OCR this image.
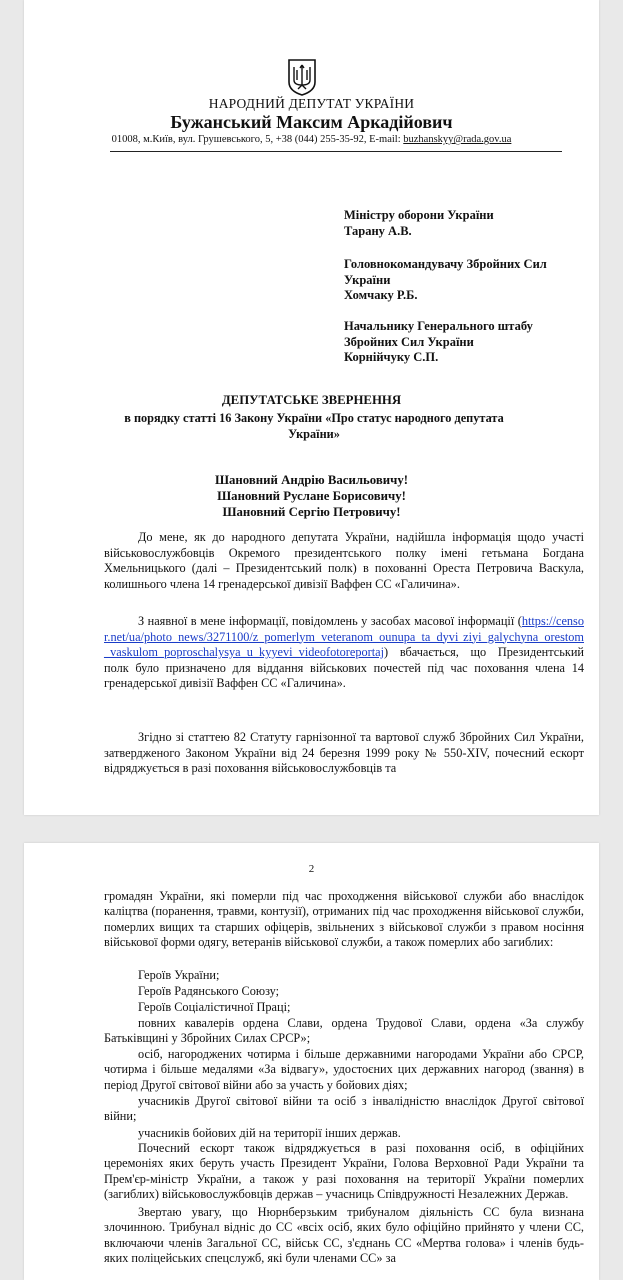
НАРОДНИЙ ДЕПУТАТ УКРАЇНИ
Бужанський Максим Аркадійович
01008, м.Київ, вул. Грушевського, 5, +38 (044) 255-35-92, E-mail: buzhanskyy@rada.gov.ua
Міністру оборони України
Тарану А.В.
Головнокомандувачу Збройних Сил
України
Хомчаку Р.Б.
Начальнику Генерального штабу
Збройних Сил України
Корнійчуку С.П.
ДЕПУТАТСЬКЕ ЗВЕРНЕННЯ
в порядку статті 16 Закону України «Про статус народного депутата
України»
Шановний Андрію Васильовичу!
Шановний Руслане Борисовичу!
Шановний Сергію Петровичу!
До мене, як до народного депутата України, надійшла інформація щодо участі військовослужбовців Окремого президентського полку імені гетьмана Богдана Хмельницького (далі – Президентський полк) в похованні Ореста Петровича Васкула, колишнього члена 14 гренадерської дивізії Ваффен СС «Галичина».
З наявної в мене інформації, повідомлень у засобах масової інформації (https://censor.net/ua/photo_news/3271100/z_pomerlym_veteranom_ounupa_ta_dyvi ziyi_galychyna_orestom_vaskulom_poproschalysya_u_kyyevi_videofotoreportaj) вбачається, що Президентський полк було призначено для віддання військових почестей під час поховання члена 14 гренадерської дивізії Ваффен СС «Галичина».
Згідно зі статтею 82 Статуту гарнізонної та вартової служб Збройних Сил України, затвердженого Законом України від 24 березня 1999 року № 550-XIV, почесний ескорт відряджується в разі поховання військовослужбовців та
2
громадян України, які померли під час проходження військової служби або внаслідок каліцтва (поранення, травми, контузії), отриманих під час проходження військової служби, померлих вищих та старших офіцерів, звільнених з військової служби з правом носіння військової форми одягу, ветеранів військової служби, а також померлих або загиблих:
Героїв України;
Героїв Радянського Союзу;
Героїв Соціалістичної Праці;
повних кавалерів ордена Слави, ордена Трудової Слави, ордена «За службу Батьківщині у Збройних Силах СРСР»;
осіб, нагороджених чотирма і більше державними нагородами України або СРСР, чотирма і більше медалями «За відвагу», удостоєних цих державних нагород (звання) в період Другої світової війни або за участь у бойових діях;
учасників Другої світової війни та осіб з інвалідністю внаслідок Другої світової війни;
учасників бойових дій на території інших держав.
Почесний ескорт також відряджується в разі поховання осіб, в офіційних церемоніях яких беруть участь Президент України, Голова Верховної Ради України та Прем'єр-міністр України, а також у разі поховання на території України померлих (загиблих) військовослужбовців держав – учасниць Співдружності Незалежних Держав.
Звертаю увагу, що Нюрнберзьким трибуналом діяльність СС була визнана злочинною. Трибунал відніс до СС «всіх осіб, яких було офіційно прийнято у члени СС, включаючи членів Загальної СС, військ СС, з'єднань СС «Мертва голова» і членів будь-яких поліцейських спецслужб, які були членами СС» за
